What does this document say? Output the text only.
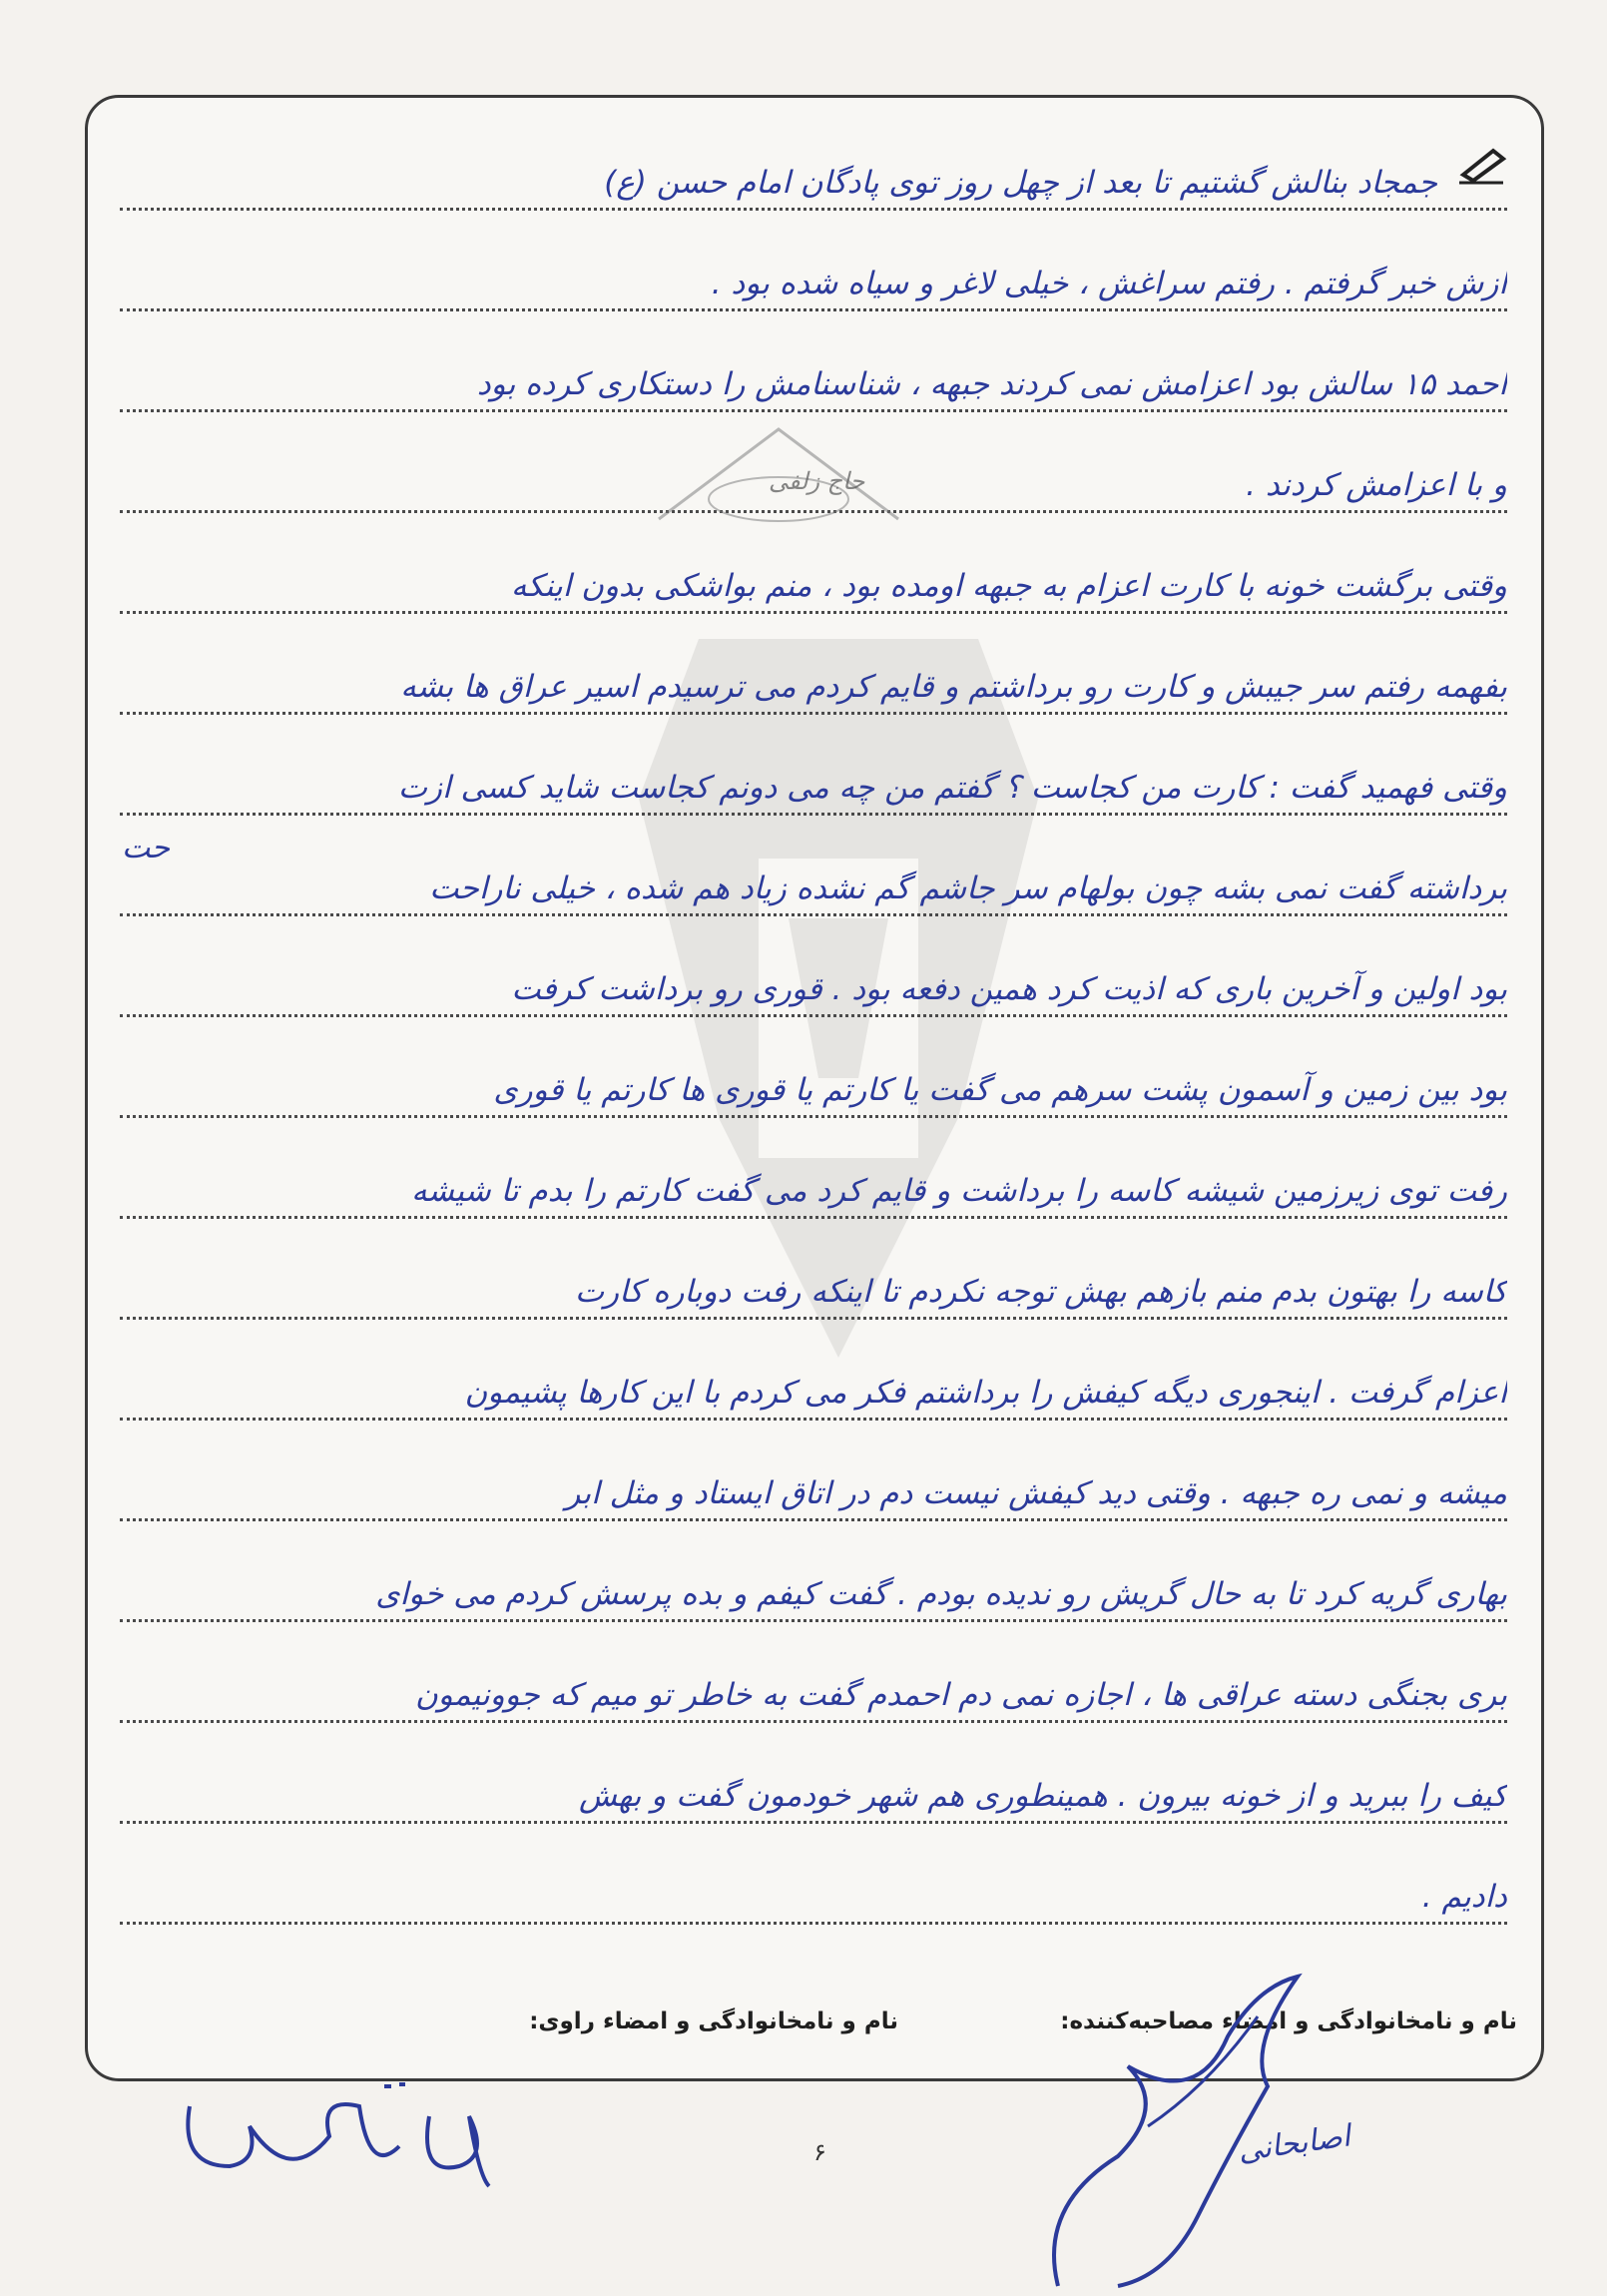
جمجاد بنالش گشتیم تا بعد از چهل روز توی پادگان امام حسن (ع)
ازش خبر گرفتم . رفتم سراغش ، خیلی لاغر و سیاه شده بود .
احمد ۱۵ سالش بود اعزامش نمی کردند جبهه ، شناسنامش را دستکاری کرده بود
و با اعزامش کردند .
وقتی برگشت خونه با کارت اعزام به جبهه اومده بود ، منم بواشکی بدون اینکه
بفهمه رفتم سر جیبش و کارت رو برداشتم و قایم کردم می ترسیدم اسیر عراق ها بشه
وقتی فهمید گفت : کارت من کجاست ؟ گفتم من چه می دونم کجاست شاید کسی ازت
برداشته گفت نمی بشه چون بولهام سر جاشم گم نشده زیاد هم شده ، خیلی ناراحت
بود اولین و آخرین باری که اذیت کرد همین دفعه بود . قوری رو برداشت کرفت
بود بین زمین و آسمون پشت سرهم می گفت یا کارتم یا قوری ها کارتم یا قوری
رفت توی زیرزمین شیشه کاسه را برداشت و قایم کرد می گفت کارتم را بدم تا شیشه
کاسه را بهتون بدم منم بازهم بهش توجه نکردم تا اینکه رفت دوباره کارت
اعزام گرفت . اینجوری دیگه کیفش را برداشتم فکر می کردم با این کارها پشیمون
میشه و نمی ره جبهه . وقتی دید کیفش نیست دم در اتاق ایستاد و مثل ابر
بهاری گریه کرد تا به حال گریش رو ندیده بودم . گفت کیفم و بده پرسش کردم می خوای
بری بجنگی دسته عراقی ها ، اجازه نمی دم احمدم گفت به خاطر تو میم که جوونیمون
کیف را ببرید و از خونه بیرون . همینطوری هم شهر خودمون گفت و بهش
دادیم .
حت
حاج زلفی
نام و نامخانوادگی و امضاء مصاحبه‌کننده:
نام و نامخانوادگی و امضاء راوی:
اصابحانی
۶
